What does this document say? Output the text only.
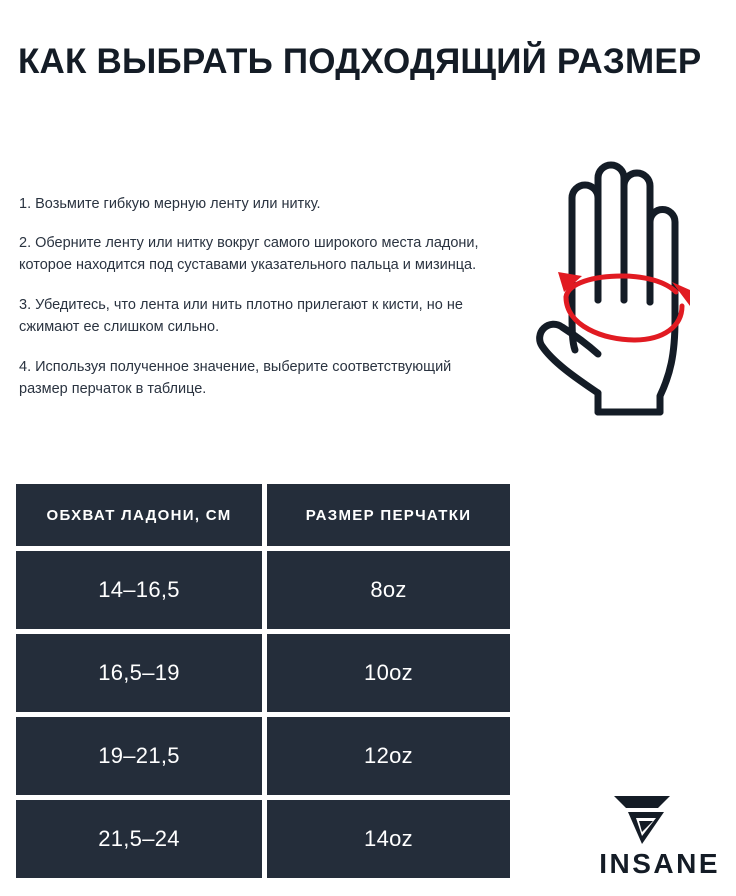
КАК ВЫБРАТЬ ПОДХОДЯЩИЙ РАЗМЕР

1. Возьмите гибкую мерную ленту или нитку.

2. Оберните ленту или нитку вокруг самого широкого места ладони, которое находится под суставами указательного пальца и мизинца.

3. Убедитесь, что лента или нить плотно прилегают к кисти, но не сжимают ее слишком сильно.

4. Используя полученное значение, выберите соответствующий размер перчаток в таблице.

ОБХВАТ ЛАДОНИ, СМ	РАЗМЕР ПЕРЧАТКИ
14–16,5	8oz
16,5–19	10oz
19–21,5	12oz
21,5–24	14oz
INSANE
